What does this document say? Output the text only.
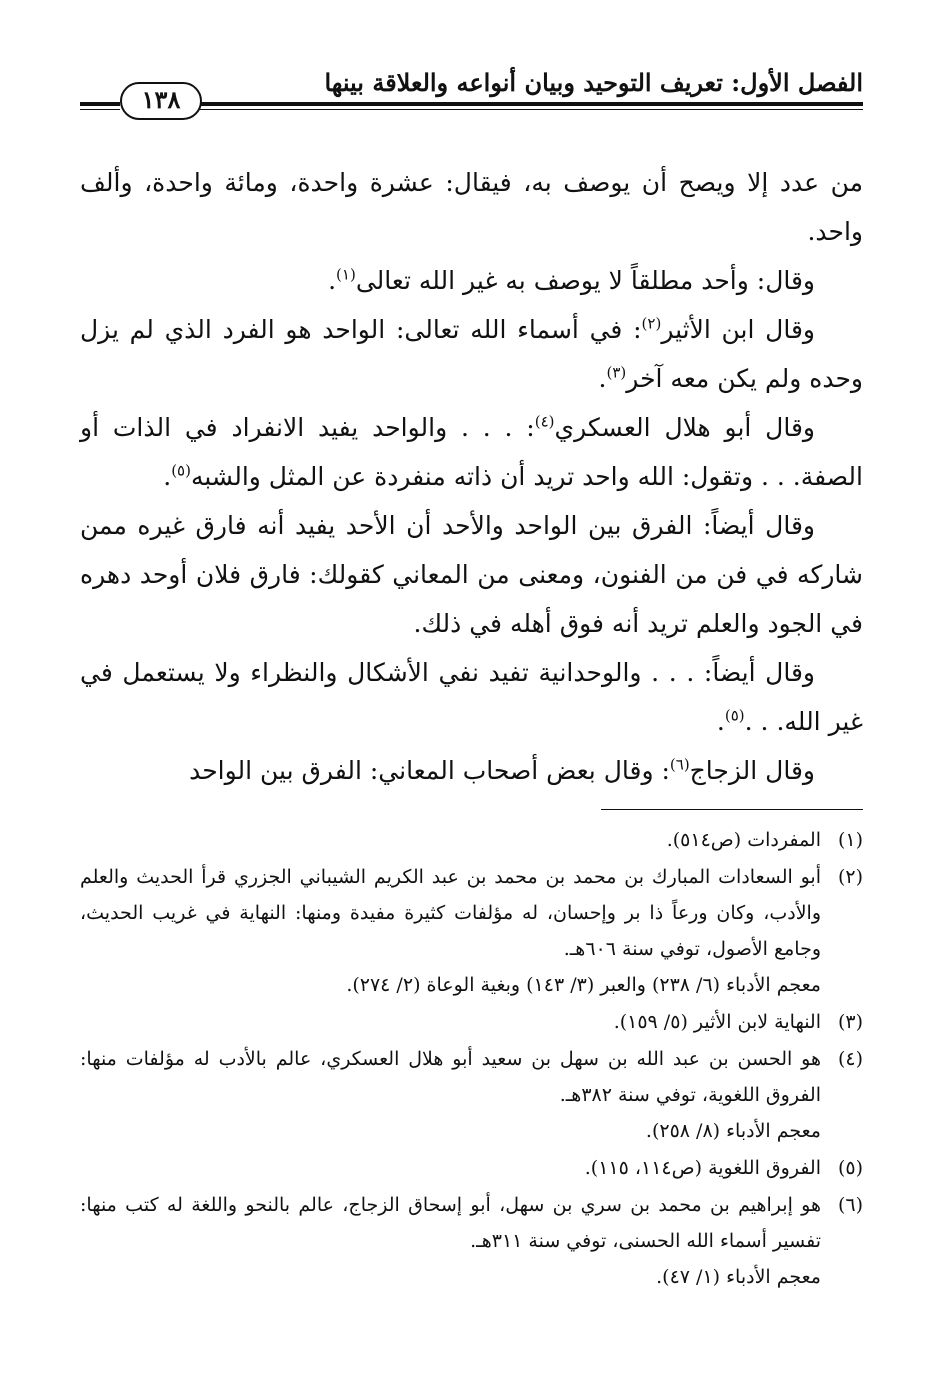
الفصل الأول: تعريف التوحيد وبيان أنواعه والعلاقة بينها
١٣٨

من عدد إلا ويصح أن يوصف به، فيقال: عشرة واحدة، ومائة واحدة، وألف واحد.

وقال: وأحد مطلقاً لا يوصف به غير الله تعالى$^{(١)}$.

وقال ابن الأثير$^{(٢)}$: في أسماء الله تعالى: الواحد هو الفرد الذي لم يزل وحده ولم يكن معه آخر$^{(٣)}$.

وقال أبو هلال العسكري$^{(٤)}$: . . . والواحد يفيد الانفراد في الذات أو الصفة. . . وتقول: الله واحد تريد أن ذاته منفردة عن المثل والشبه$^{(٥)}$.

وقال أيضاً: الفرق بين الواحد والأحد أن الأحد يفيد أنه فارق غيره ممن شاركه في فن من الفنون، ومعنى من المعاني كقولك: فارق فلان أوحد دهره في الجود والعلم تريد أنه فوق أهله في ذلك.

وقال أيضاً: . . . والوحدانية تفيد نفي الأشكال والنظراء ولا يستعمل في غير الله. . .$^{(٥)}$.

وقال الزجاج$^{(٦)}$: وقال بعض أصحاب المعاني: الفرق بين الواحد

(١)
المفردات (ص٥١٤).
(٢)
أبو السعادات المبارك بن محمد بن محمد بن عبد الكريم الشيباني الجزري قرأ الحديث والعلم والأدب، وكان ورعاً ذا بر وإحسان، له مؤلفات كثيرة مفيدة ومنها: النهاية في غريب الحديث، وجامع الأصول، توفي سنة ٦٠٦هـ.
معجم الأدباء (٦/ ٢٣٨) والعبر (٣/ ١٤٣) وبغية الوعاة (٢/ ٢٧٤).
(٣)
النهاية لابن الأثير (٥/ ١٥٩).
(٤)
هو الحسن بن عبد الله بن سهل بن سعيد أبو هلال العسكري، عالم بالأدب له مؤلفات منها: الفروق اللغوية، توفي سنة ٣٨٢هـ.
معجم الأدباء (٨/ ٢٥٨).
(٥)
الفروق اللغوية (ص١١٤، ١١٥).
(٦)
هو إبراهيم بن محمد بن سري بن سهل، أبو إسحاق الزجاج، عالم بالنحو واللغة له كتب منها: تفسير أسماء الله الحسنى، توفي سنة ٣١١هـ.
معجم الأدباء (١/ ٤٧).
